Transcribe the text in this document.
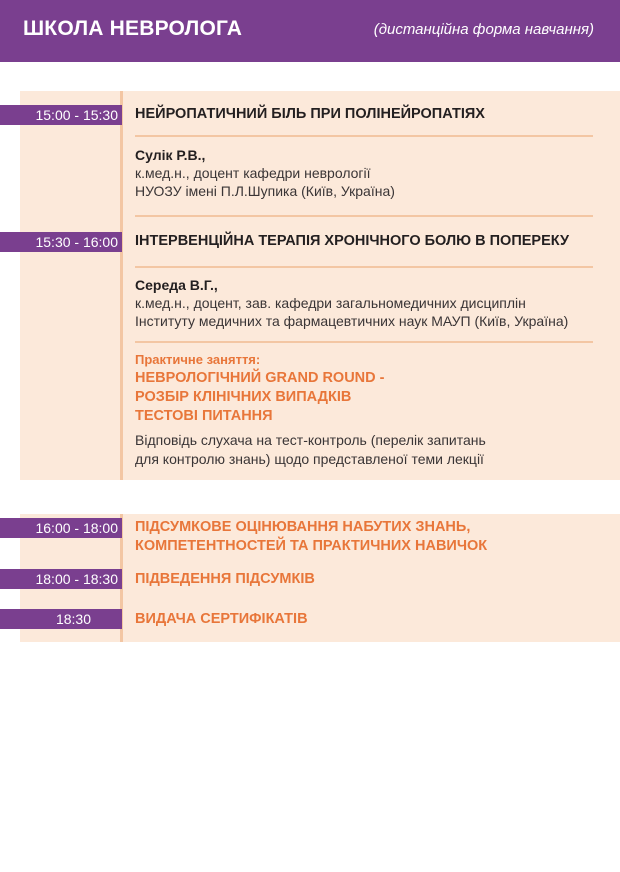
ШКОЛА НЕВРОЛОГА	(дистанційна форма навчання)
15:00 - 15:30 НЕЙРОПАТИЧНИЙ БІЛЬ ПРИ ПОЛІНЕЙРОПАТІЯХ
Сулік Р.В.,
к.мед.н., доцент кафедри неврології
НУОЗУ імені П.Л.Шупика (Київ, Україна)
15:30 - 16:00 ІНТЕРВЕНЦІЙНА ТЕРАПІЯ ХРОНІЧНОГО БОЛЮ В ПОПЕРЕКУ
Середа В.Г.,
к.мед.н., доцент, зав. кафедри загальномедичних дисциплін
Інституту медичних та фармацевтичних наук МАУП (Київ, Україна)
Практичне заняття:
НЕВРОЛОГІЧНИЙ GRAND ROUND -
РОЗБІР КЛІНІЧНИХ ВИПАДКІВ
ТЕСТОВІ ПИТАННЯ
Відповідь слухача на тест-контроль (перелік запитань
для контролю знань) щодо представленої теми лекції
16:00 - 18:00 ПІДСУМКОВЕ ОЦІНЮВАННЯ НАБУТИХ ЗНАНЬ,
КОМПЕТЕНТНОСТЕЙ ТА ПРАКТИЧНИХ НАВИЧОК
18:00 - 18:30 ПІДВЕДЕННЯ ПІДСУМКІВ
18:30	ВИДАЧА СЕРТИФІКАТІВ
